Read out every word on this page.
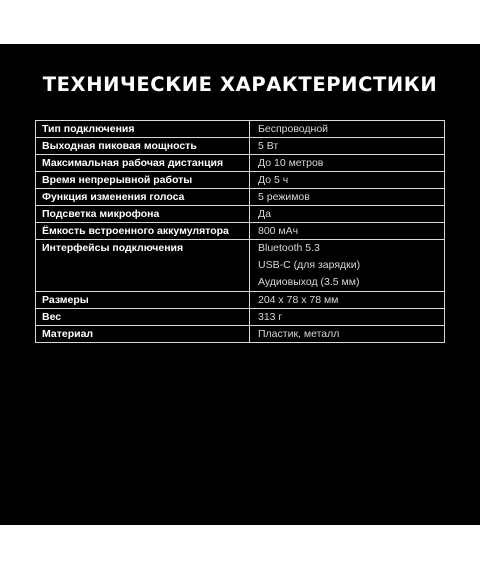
ТЕХНИЧЕСКИЕ ХАРАКТЕРИСТИКИ
Тип подключения	Беспроводной
Выходная пиковая мощность	5 Вт
Максимальная рабочая дистанция	До 10 метров
Время непрерывной работы	До 5 ч
Функция изменения голоса	5 режимов
Подсветка микрофона	Да
Ёмкость встроенного аккумулятора	800 мАч
Интерфейсы подключения	Bluetooth 5.3
USB-C (для зарядки)
Аудиовыход (3.5 мм)

Размеры	204 x 78 x 78 мм
Вес	313 г
Материал	Пластик, металл
